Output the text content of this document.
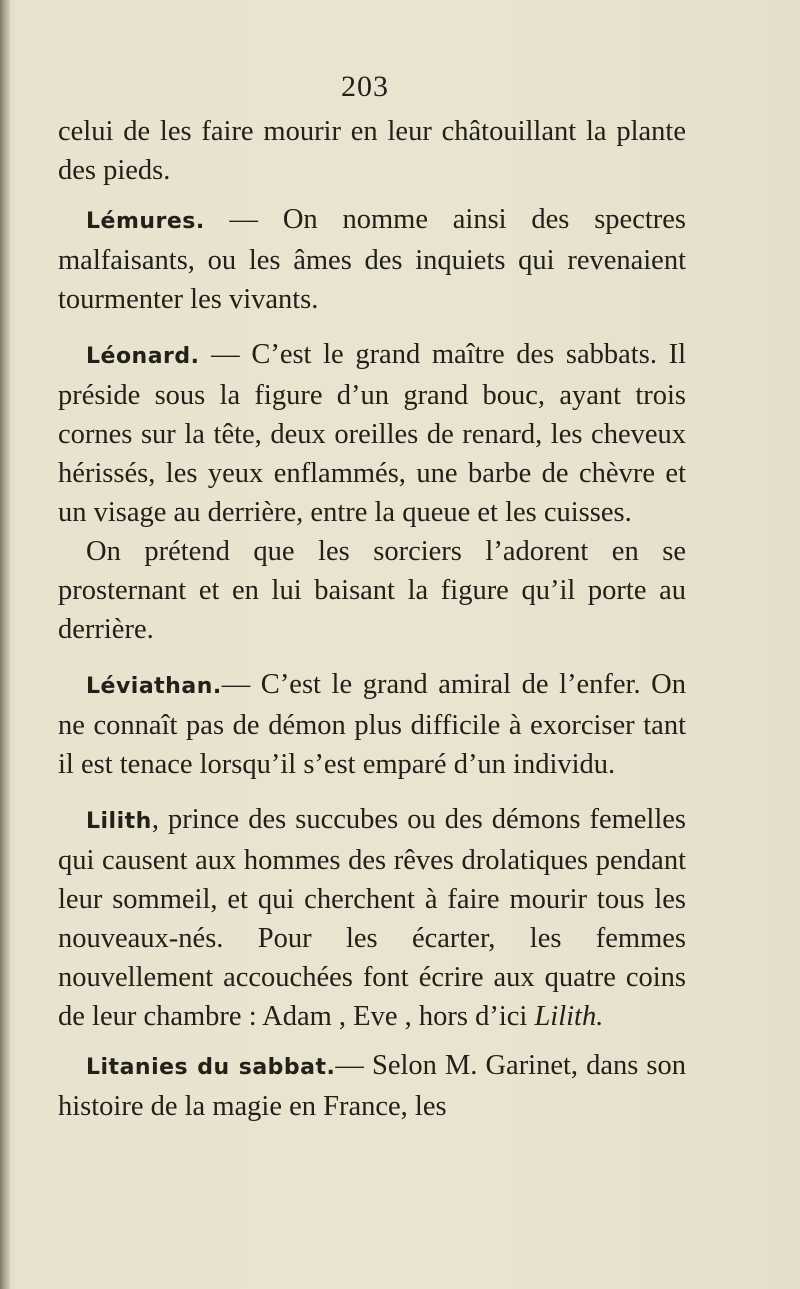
203

celui de les faire mourir en leur châtouillant la plante des pieds.

Lémures. — On nomme ainsi des spectres malfaisants, ou les âmes des inquiets qui revenaient tourmenter les vivants.

Léonard. — C’est le grand maître des sabbats. Il préside sous la figure d’un grand bouc, ayant trois cornes sur la tête, deux oreilles de renard, les cheveux hérissés, les yeux enflammés, une barbe de chèvre et un visage au derrière, entre la queue et les cuisses.

On prétend que les sorciers l’adorent en se prosternant et en lui baisant la figure qu’il porte au derrière.

Léviathan.— C’est le grand amiral de l’enfer. On ne connaît pas de démon plus difficile à exorciser tant il est tenace lorsqu’il s’est emparé d’un individu.

Lilith, prince des succubes ou des démons femelles qui causent aux hommes des rêves drolatiques pendant leur sommeil, et qui cherchent à faire mourir tous les nouveaux-nés. Pour les écarter, les femmes nouvellement accouchées font écrire aux quatre coins de leur chambre : Adam , Eve , hors d’ici Lilith.

Litanies du sabbat.— Selon M. Garinet, dans son histoire de la magie en France, les
